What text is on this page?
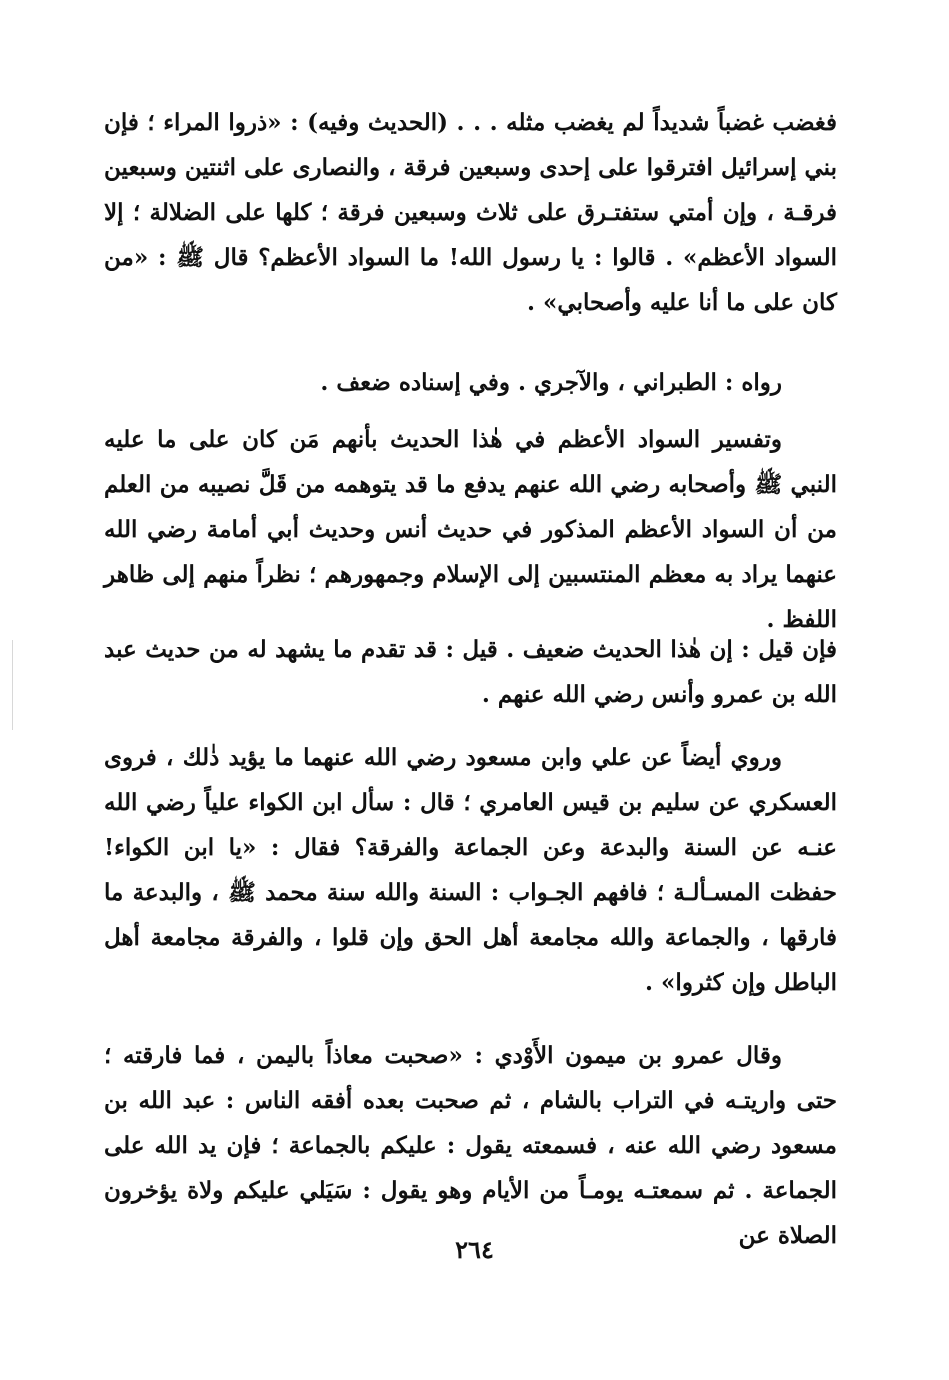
فغضب غضباً شديداً لم يغضب مثله . . . (الحديث وفيه) : «ذروا المراء ؛ فإن بني إسرائيل افترقوا على إحدى وسبعين فرقة ، والنصارى على اثنتين وسبعين فرقـة ، وإن أمتي ستفتـرق على ثلاث وسبعين فرقة ؛ كلها على الضلالة ؛ إلا السواد الأعظم» . قالوا : يا رسول الله! ما السواد الأعظم؟ قال ﷺ : «من كان على ما أنا عليه وأصحابي» .

رواه : الطبراني ، والآجري . وفي إسناده ضعف .

وتفسير السواد الأعظم في هٰذا الحديث بأنهم مَن كان على ما عليه النبي ﷺ وأصحابه رضي الله عنهم يدفع ما قد يتوهمه من قَلَّ نصيبه من العلم من أن السواد الأعظم المذكور في حديث أنس وحديث أبي أمامة رضي الله عنهما يراد به معظم المنتسبين إلى الإسلام وجمهورهم ؛ نظراً منهم إلى ظاهر اللفظ .

فإن قيل : إن هٰذا الحديث ضعيف . قيل : قد تقدم ما يشهد له من حديث عبد الله بن عمرو وأنس رضي الله عنهم .

وروي أيضاً عن علي وابن مسعود رضي الله عنهما ما يؤيد ذٰلك ، فروى العسكري عن سليم بن قيس العامري ؛ قال : سأل ابن الكواء علياً رضي الله عنـه عن السنة والبدعة وعن الجماعة والفرقة؟ فقال : «يا ابن الكواء! حفظت المسـألـة ؛ فافهم الجـواب : السنة والله سنة محمد ﷺ ، والبدعة ما فارقها ، والجماعة والله مجامعة أهل الحق وإن قلوا ، والفرقة مجامعة أهل الباطل وإن كثروا» .

وقال عمرو بن ميمون الأَوْدي : «صحبت معاذاً باليمن ، فما فارقته ؛ حتى واريتـه في التراب بالشام ، ثم صحبت بعده أفقه الناس : عبد الله بن مسعود رضي الله عنه ، فسمعته يقول : عليكم بالجماعة ؛ فإن يد الله على الجماعة . ثم سمعتـه يومـاً من الأيام وهو يقول : سَيَلي عليكم ولاة يؤخرون الصلاة عن

٢٦٤
